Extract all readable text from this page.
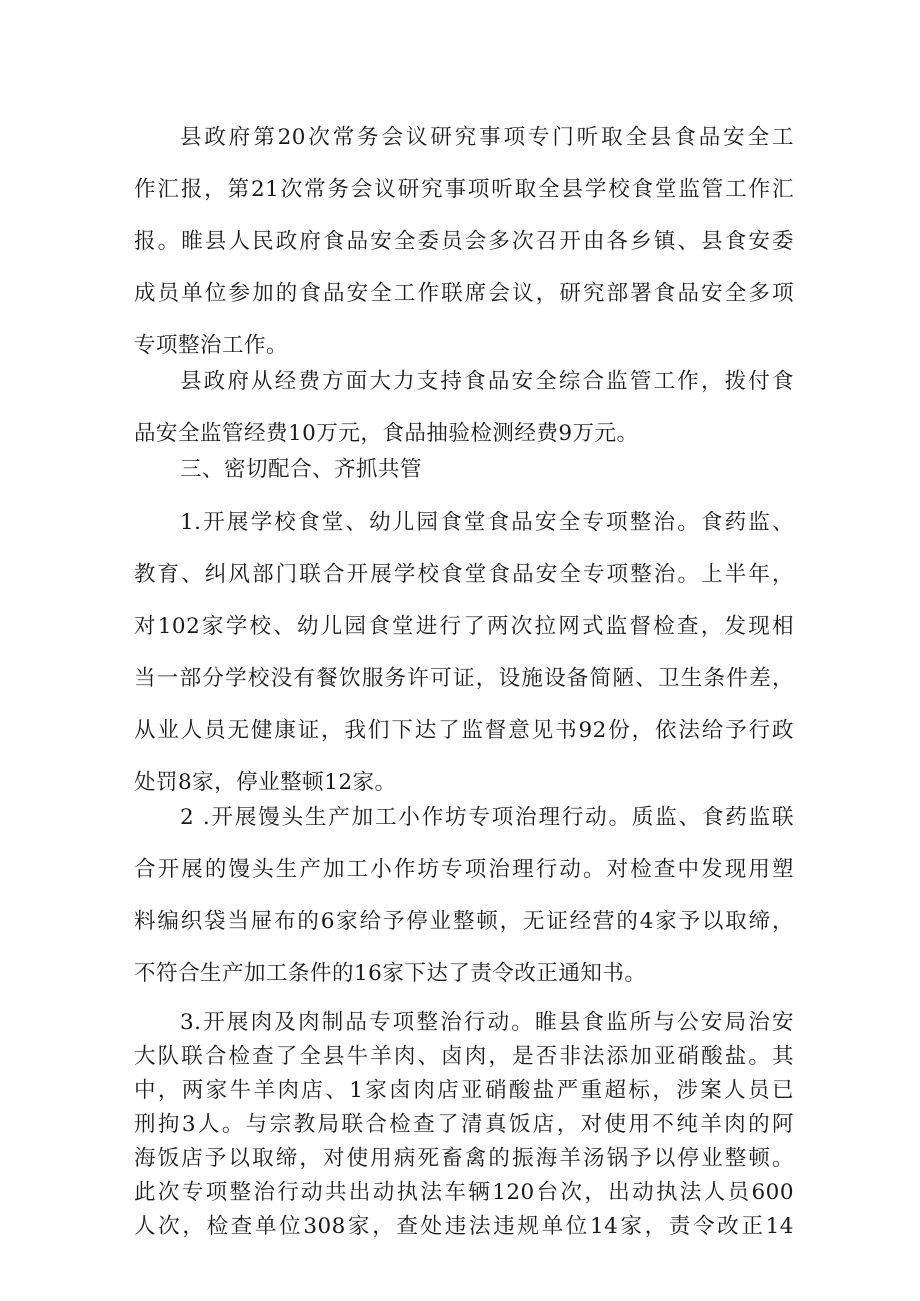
县政府第20次常务会议研究事项专门听取全县食品安全工
作汇报，第21次常务会议研究事项听取全县学校食堂监管工作汇
报。睢县人民政府食品安全委员会多次召开由各乡镇、县食安委
成员单位参加的食品安全工作联席会议，研究部署食品安全多项
专项整治工作。
县政府从经费方面大力支持食品安全综合监管工作，拨付食
品安全监管经费10万元，食品抽验检测经费9万元。
三、密切配合、齐抓共管
1.开展学校食堂、幼儿园食堂食品安全专项整治。食药监、
教育、纠风部门联合开展学校食堂食品安全专项整治。上半年，
对102家学校、幼儿园食堂进行了两次拉网式监督检查，发现相
当一部分学校没有餐饮服务许可证，设施设备简陋、卫生条件差，
从业人员无健康证，我们下达了监督意见书92份，依法给予行政
处罚8家，停业整顿12家。
2 .开展馒头生产加工小作坊专项治理行动。质监、食药监联
合开展的馒头生产加工小作坊专项治理行动。对检查中发现用塑
料编织袋当屉布的6家给予停业整顿，无证经营的4家予以取缔，
不符合生产加工条件的16家下达了责令改正通知书。
3.开展肉及肉制品专项整治行动。睢县食监所与公安局治安
大队联合检查了全县牛羊肉、卤肉，是否非法添加亚硝酸盐。其
中，两家牛羊肉店、1家卤肉店亚硝酸盐严重超标，涉案人员已
刑拘3人。与宗教局联合检查了清真饭店，对使用不纯羊肉的阿
海饭店予以取缔，对使用病死畜禽的振海羊汤锅予以停业整顿。
此次专项整治行动共出动执法车辆120台次，出动执法人员600
人次，检查单位308家，查处违法违规单位14家，责令改正14
